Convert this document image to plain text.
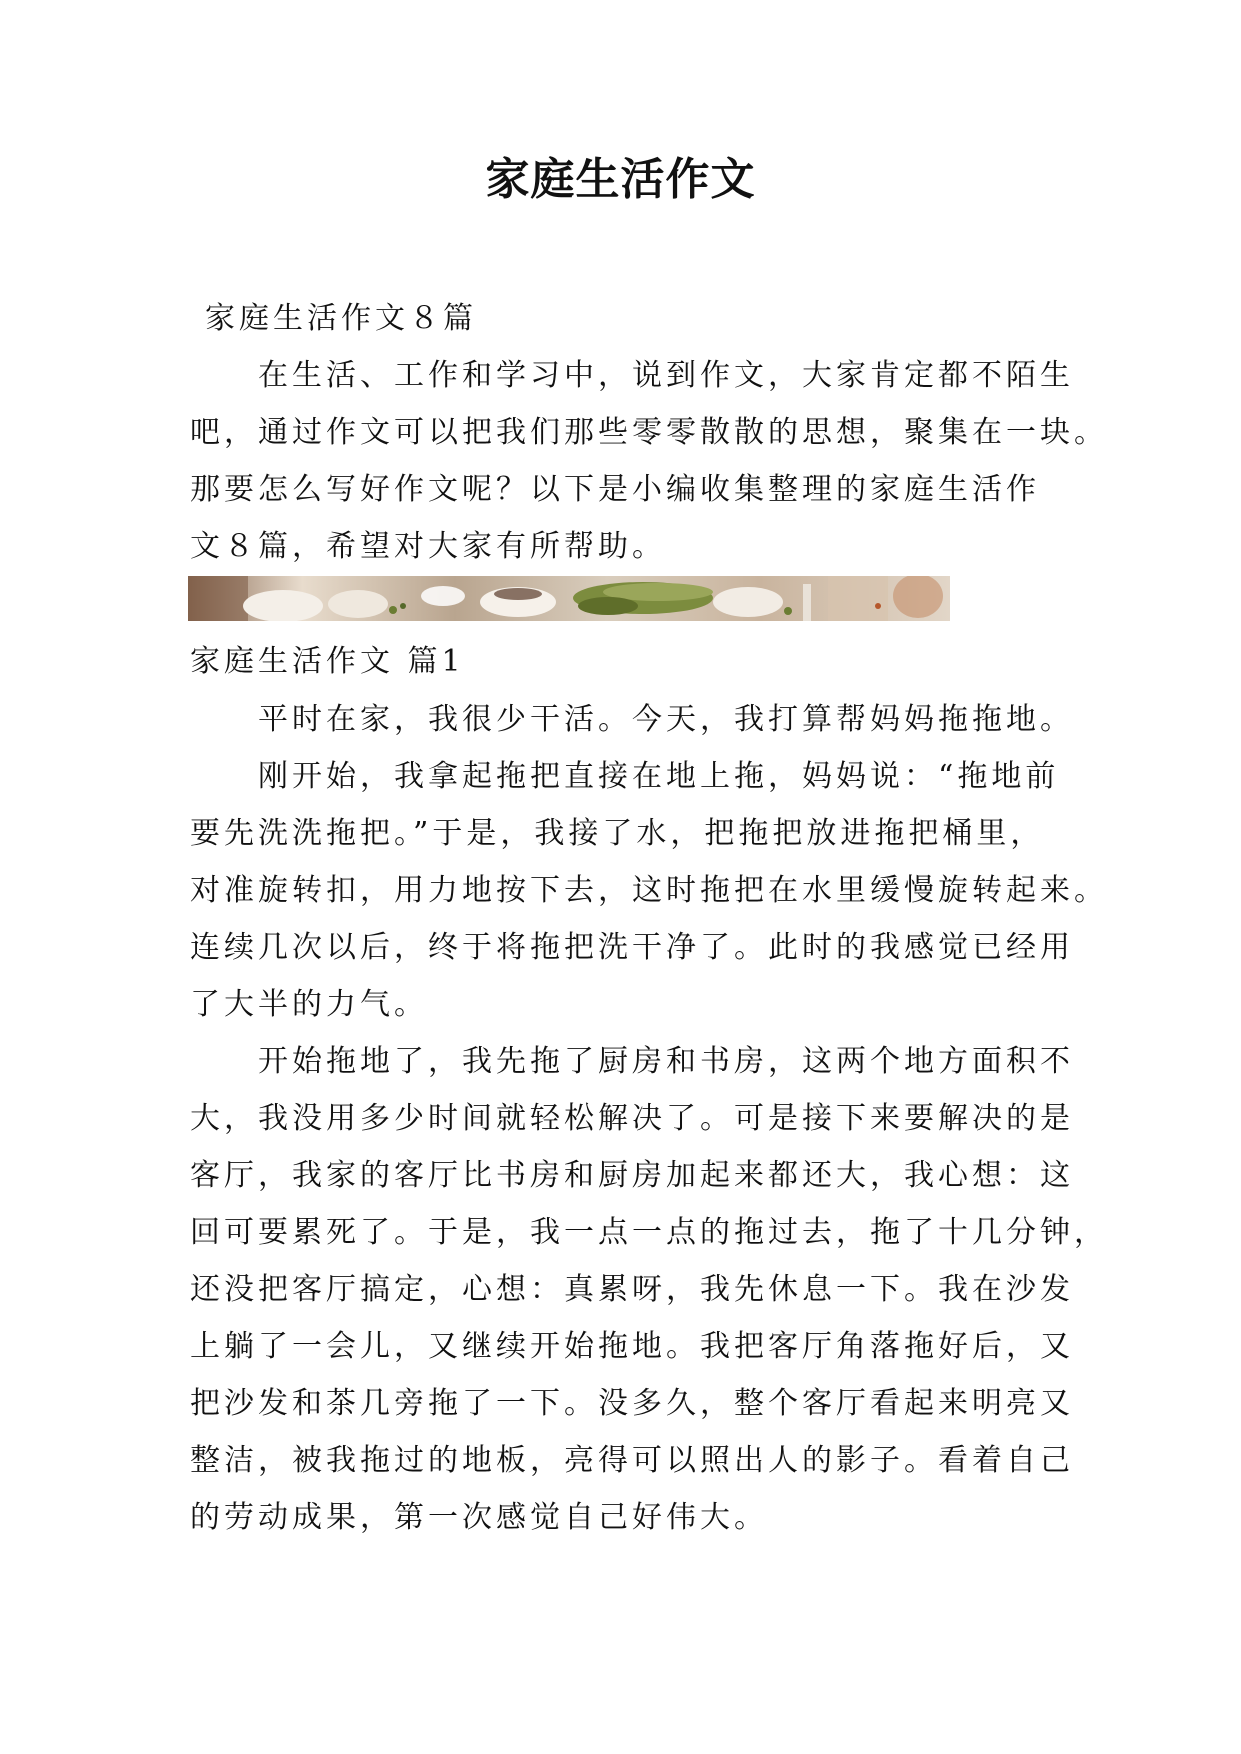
家庭生活作文
家庭生活作文８篇
在生活、工作和学习中，说到作文，大家肯定都不陌生
吧，通过作文可以把我们那些零零散散的思想，聚集在一块。
那要怎么写好作文呢？以下是小编收集整理的家庭生活作
文８篇，希望对大家有所帮助。
家庭生活作文 篇1
平时在家，我很少干活。今天，我打算帮妈妈拖拖地。
刚开始，我拿起拖把直接在地上拖，妈妈说：“拖地前
要先洗洗拖把。”于是，我接了水，把拖把放进拖把桶里，
对准旋转扣，用力地按下去，这时拖把在水里缓慢旋转起来。
连续几次以后，终于将拖把洗干净了。此时的我感觉已经用
了大半的力气。
开始拖地了，我先拖了厨房和书房，这两个地方面积不
大，我没用多少时间就轻松解决了。可是接下来要解决的是
客厅，我家的客厅比书房和厨房加起来都还大，我心想：这
回可要累死了。于是，我一点一点的拖过去，拖了十几分钟，
还没把客厅搞定，心想：真累呀，我先休息一下。我在沙发
上躺了一会儿，又继续开始拖地。我把客厅角落拖好后，又
把沙发和茶几旁拖了一下。没多久，整个客厅看起来明亮又
整洁，被我拖过的地板，亮得可以照出人的影子。看着自己
的劳动成果，第一次感觉自己好伟大。
